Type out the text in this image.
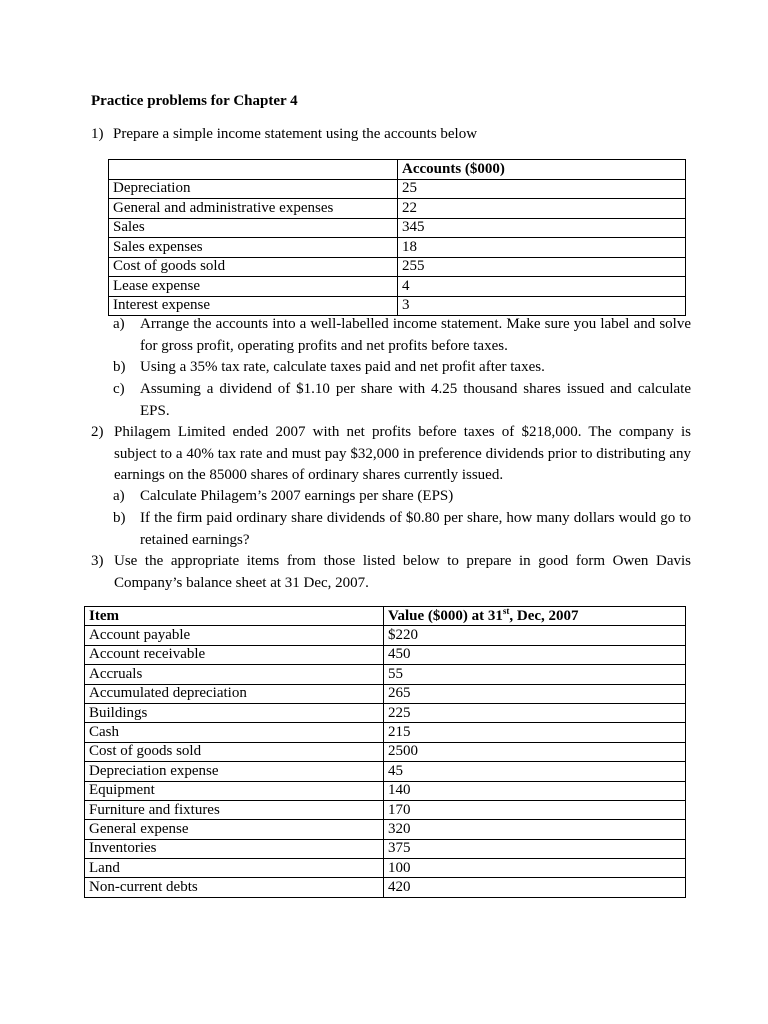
Practice problems for Chapter 4
1) Prepare a simple income statement using the accounts below
	Accounts ($000)
Depreciation	25
General and administrative expenses	22
Sales	345
Sales expenses	18
Cost of goods sold	255
Lease expense	4
Interest expense	3
a) Arrange the accounts into a well-labelled income statement. Make sure you label and solve for gross profit, operating profits and net profits before taxes.
b) Using a 35% tax rate, calculate taxes paid and net profit after taxes.
c) Assuming a dividend of $1.10 per share with 4.25 thousand shares issued and calculate EPS.
2) Philagem Limited ended 2007 with net profits before taxes of $218,000. The company is subject to a 40% tax rate and must pay $32,000 in preference dividends prior to distributing any earnings on the 85000 shares of ordinary shares currently issued.
a) Calculate Philagem’s 2007 earnings per share (EPS)
b) If the firm paid ordinary share dividends of $0.80 per share, how many dollars would go to retained earnings?
3) Use the appropriate items from those listed below to prepare in good form Owen Davis Company’s balance sheet at 31 Dec, 2007.
Item	Value ($000) at 31st, Dec, 2007
Account payable	$220
Account receivable	450
Accruals	55
Accumulated depreciation	265
Buildings	225
Cash	215
Cost of goods sold	2500
Depreciation expense	45
Equipment	140
Furniture and fixtures	170
General expense	320
Inventories	375
Land	100
Non-current debts	420
